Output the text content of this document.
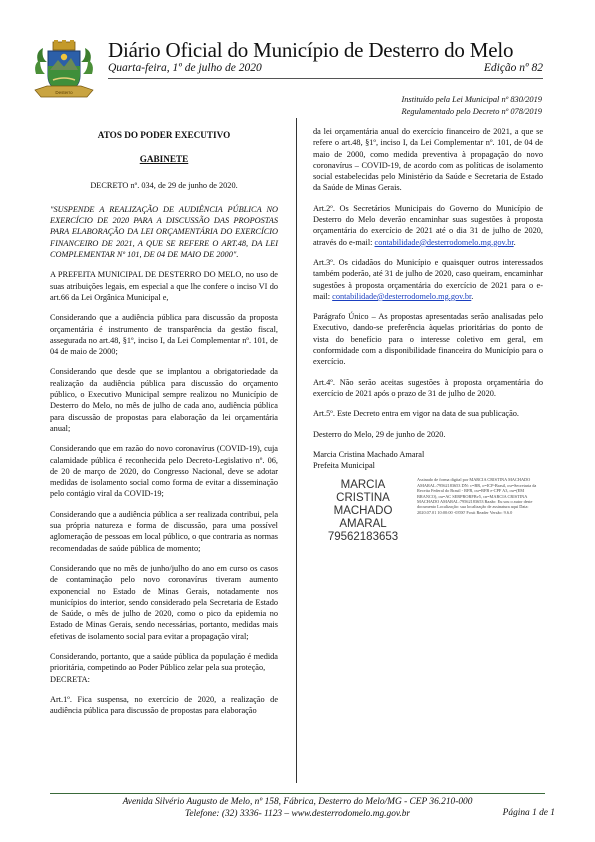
Desterro
Diário Oficial do Município de Desterro do Melo
Quarta-feira, 1º de julho de 2020	Edição nº 82
Instituído pela Lei Municipal nº 830/2019
Regulamentado pelo Decreto nº 078/2019

ATOS DO PODER EXECUTIVO

GABINETE

DECRETO nº. 034, de 29 de junho de 2020.

"SUSPENDE A REALIZAÇÃO DE AUDIÊNCIA PÚBLICA NO EXERCÍCIO DE 2020 PARA A DISCUSSÃO DAS PROPOSTAS PARA ELABORAÇÃO DA LEI ORÇAMENTÁRIA DO EXERCÍCIO FINANCEIRO DE 2021, A QUE SE REFERE O ART.48, DA LEI COMPLEMENTAR Nº 101, DE 04 DE MAIO DE 2000".

A PREFEITA MUNICIPAL DE DESTERRO DO MELO, no uso de suas atribuições legais, em especial a que lhe confere o inciso VI do art.66 da Lei Orgânica Municipal e,

Considerando que a audiência pública para discussão da proposta orçamentária é instrumento de transparência da gestão fiscal, assegurada no art.48, §1º, inciso I, da Lei Complementar nº. 101, de 04 de maio de 2000;

Considerando que desde que se implantou a obrigatoriedade da realização da audiência pública para discussão do orçamento público, o Executivo Municipal sempre realizou no Município de Desterro do Melo, no mês de julho de cada ano, audiência pública para discussão de propostas para elaboração da lei orçamentária anual;

Considerando que em razão do novo coronavírus (COVID-19), cuja calamidade pública é reconhecida pelo Decreto-Legislativo nº. 06, de 20 de março de 2020, do Congresso Nacional, deve se adotar medidas de isolamento social como forma de evitar a disseminação pelo contágio viral da COVID-19;

Considerando que a audiência pública a ser realizada contribui, pela sua própria natureza e forma de discussão, para uma possível aglomeração de pessoas em local público, o que contraria as normas recomendadas de saúde pública de momento;

Considerando que no mês de junho/julho do ano em curso os casos de contaminação pelo novo coronavírus tiveram aumento exponencial no Estado de Minas Gerais, notadamente nos municípios do interior, sendo considerado pela Secretaria de Estado de Saúde, o mês de julho de 2020, como o pico da epidemia no Estado de Minas Gerais, sendo necessárias, portanto, medidas mais efetivas de isolamento social para evitar a propagação viral;

Considerando, portanto, que a saúde pública da população é medida prioritária, competindo ao Poder Público zelar pela sua proteção,

DECRETA:

Art.1º. Fica suspensa, no exercício de 2020, a realização de audiência pública para discussão de propostas para elaboração

da lei orçamentária anual do exercício financeiro de 2021, a que se refere o art.48, §1º, inciso I, da Lei Complementar nº. 101, de 04 de maio de 2000, como medida preventiva à propagação do novo coronavírus – COVID-19, de acordo com as políticas de isolamento social estabelecidas pelo Ministério da Saúde e Secretaria de Estado da Saúde de Minas Gerais.

Art.2º. Os Secretários Municipais do Governo do Município de Desterro do Melo deverão encaminhar suas sugestões à proposta orçamentária do exercício de 2021 até o dia 31 de julho de 2020, através do e-mail: contabilidade@desterrodomelo.mg.gov.br.

Art.3º. Os cidadãos do Município e quaisquer outros interessados também poderão, até 31 de julho de 2020, caso queiram, encaminhar sugestões à proposta orçamentária do exercício de 2021 para o e-mail: contabilidade@desterrodomelo.mg.gov.br.

Parágrafo Único – As propostas apresentadas serão analisadas pelo Executivo, dando-se preferência àquelas prioritárias do ponto de vista do benefício para o interesse coletivo em geral, em conformidade com a disponibilidade financeira do Município para o exercício.

Art.4º. Não serão aceitas sugestões à proposta orçamentária do exercício de 2021 após o prazo de 31 de julho de 2020.

Art.5º. Este Decreto entra em vigor na data de sua publicação.

Desterro do Melo, 29 de junho de 2020.

Marcia Cristina Machado Amaral

Prefeita Municipal

MARCIA CRISTINA
MACHADO AMARAL
79562183653
Assinado de forma digital por MARCIA CRISTINA MACHADO AMARAL:79562183653 DN: c=BR, o=ICP-Brasil, ou=Secretaria da Receita Federal do Brasil - RFB, ou=RFB e-CPF A3, ou=(EM BRANCO), ou=AC SERPRORFBv5, cn=MARCIA CRISTINA MACHADO AMARAL:79562183653 Razão: Eu sou o autor deste documento Localização: sua localização de assinatura aqui Data: 2020.07.01 10:00:00 -03'00' Foxit Reader Versão: 9.6.0
Avenida Silvério Augusto de Melo, nº 158, Fábrica, Desterro do Melo/MG - CEP 36.210-000
Telefone: (32) 3336- 1123 – www.desterrodomelo.mg.gov.br	Página 1 de 1
